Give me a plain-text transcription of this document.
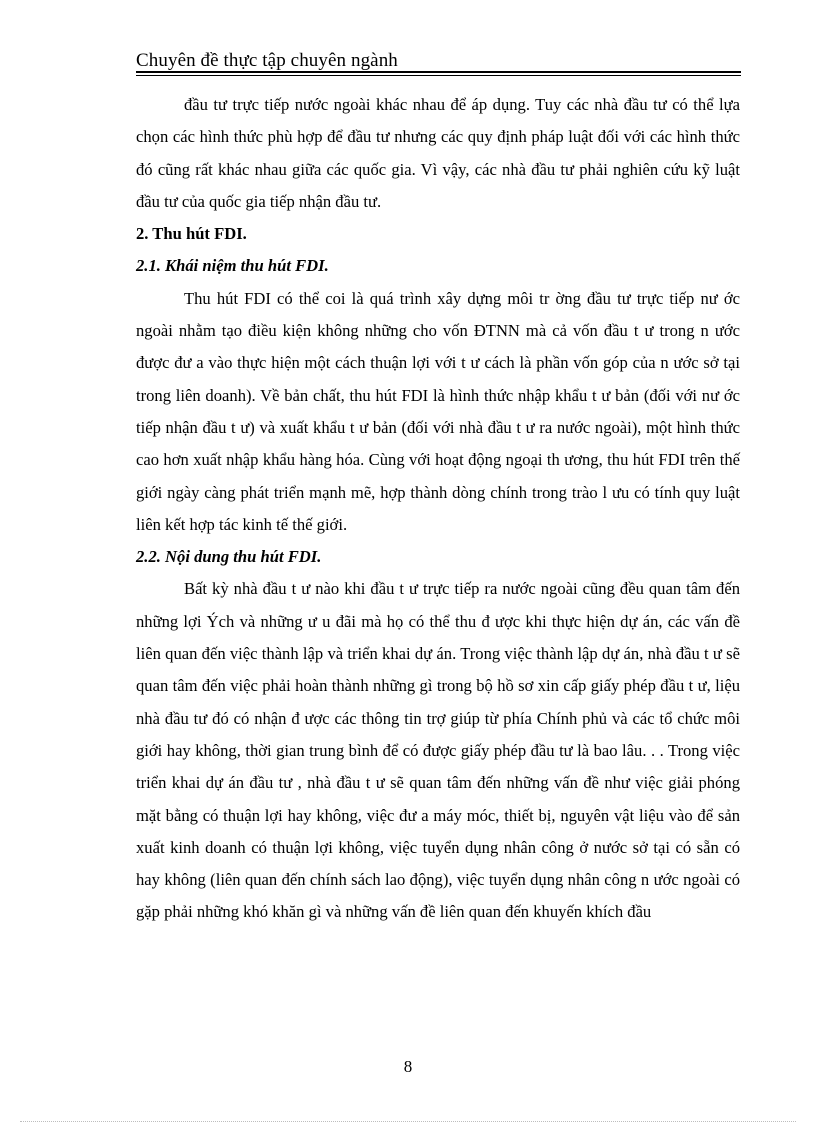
Chuyên đề thực tập chuyên ngành

đầu tư trực tiếp nước ngoài khác nhau để áp dụng. Tuy các nhà đầu tư có thể lựa chọn các hình thức phù hợp để đầu tư nhưng các quy định pháp luật đối với các hình thức đó cũng rất khác nhau giữa các quốc gia. Vì vậy, các nhà đầu tư phải nghiên cứu kỹ luật đầu tư của quốc gia tiếp nhận đầu tư.

2. Thu hút FDI.

2.1. Khái niệm thu hút FDI.

Thu hút FDI có thể coi là quá trình xây dựng môi tr ờng đầu tư trực tiếp nư ớc ngoài nhằm tạo điều kiện không những cho vốn ĐTNN mà cả vốn đầu t ư trong n ước được đư a vào thực hiện một cách thuận lợi với t ư cách là phần vốn góp của n ước sở tại trong liên doanh). Về bản chất, thu hút FDI là hình thức nhập khẩu t ư bản (đối với nư ớc tiếp nhận đầu t ư) và xuất khẩu t ư bản (đối với nhà đầu t ư ra nước ngoài), một hình thức cao hơn xuất nhập khẩu hàng hóa. Cùng với hoạt động ngoại th ương, thu hút FDI trên thế giới ngày càng phát triển mạnh mẽ, hợp thành dòng chính trong trào l ưu có tính quy luật liên kết hợp tác kinh tế thế giới.

2.2. Nội dung thu hút FDI.

Bất kỳ nhà đầu t ư nào khi đầu t ư trực tiếp ra nước ngoài cũng đều quan tâm đến những lợi Ých và những ư u đãi mà họ có thể thu đ ược khi thực hiện dự án, các vấn đề liên quan đến việc thành lập và triển khai dự án. Trong việc thành lập dự án, nhà đầu t ư sẽ quan tâm đến việc phải hoàn thành những gì trong bộ hồ sơ xin cấp giấy phép đầu t ư, liệu nhà đầu tư đó có nhận đ ược các thông tin trợ giúp từ phía Chính phủ và các tổ chức môi giới hay không, thời gian trung bình để có được giấy phép đầu tư là bao lâu. . . Trong việc triển khai dự án đầu tư , nhà đầu t ư sẽ quan tâm đến những vấn đề như việc giải phóng mặt bằng có thuận lợi hay không, việc đư a máy móc, thiết bị, nguyên vật liệu vào để sản xuất kinh doanh có thuận lợi không, việc tuyển dụng nhân công ở nước sở tại có sẵn có hay không (liên quan đến chính sách lao động), việc tuyển dụng nhân công n ước ngoài có gặp phải những khó khăn gì và những vấn đề liên quan đến khuyến khích đầu

8
